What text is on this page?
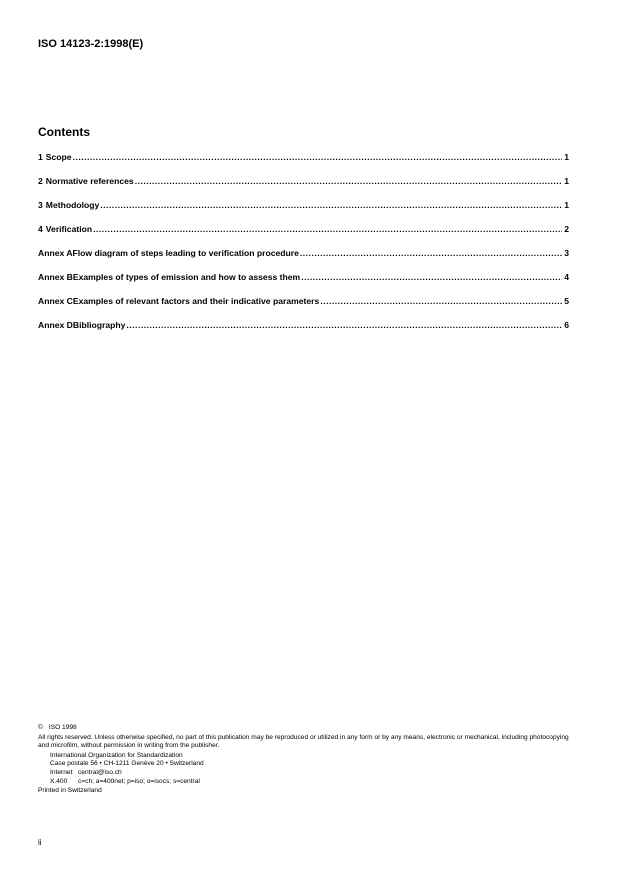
ISO 14123-2:1998(E)
Contents
1 Scope .....	1
2 Normative references .....	1
3 Methodology .....	1
4 Verification .....	2
Annex A Flow diagram of steps leading to verification procedure .....	3
Annex B Examples of types of emission and how to assess them .....	4
Annex C Examples of relevant factors and their indicative parameters .....	5
Annex D Bibliography .....	6
© ISO 1998
All rights reserved. Unless otherwise specified, no part of this publication may be reproduced or utilized in any form or by any means, electronic or mechanical, including photocopying and microfilm, without permission in writing from the publisher.
International Organization for Standardization
Case postale 56 • CH-1211 Genève 20 • Switzerland
Internet central@iso.ch
X.400	c=ch; a=400net; p=iso; o=isocs; s=central
Printed in Switzerland
ii
